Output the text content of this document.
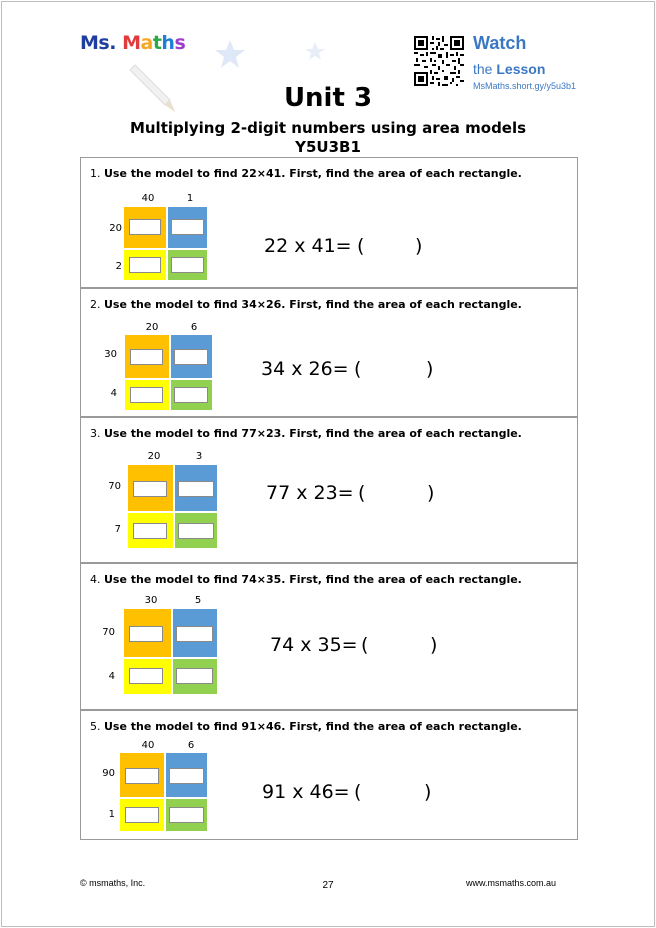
Ms. Maths	Watch
the Lesson
MsMaths.short.gy/y5u3b1
Unit 3
Multiplying 2-digit numbers using area models
Y5U3B1
1. Use the model to find 22×41. First, find the area of each rectangle.
40	1
20
2
22 x 41= (	)
2. Use the model to find 34×26. First, find the area of each rectangle.
20	6
30
4
34 x 26= (	)
3. Use the model to find 77×23. First, find the area of each rectangle.
20	3
70
7
77 x 23= (	)
4. Use the model to find 74×35. First, find the area of each rectangle.
30	5
70
4
74 x 35= (	)
5. Use the model to find 91×46. First, find the area of each rectangle.
40	6
90
1
91 x 46= (	)
© msmaths, Inc.	27	www.msmaths.com.au
